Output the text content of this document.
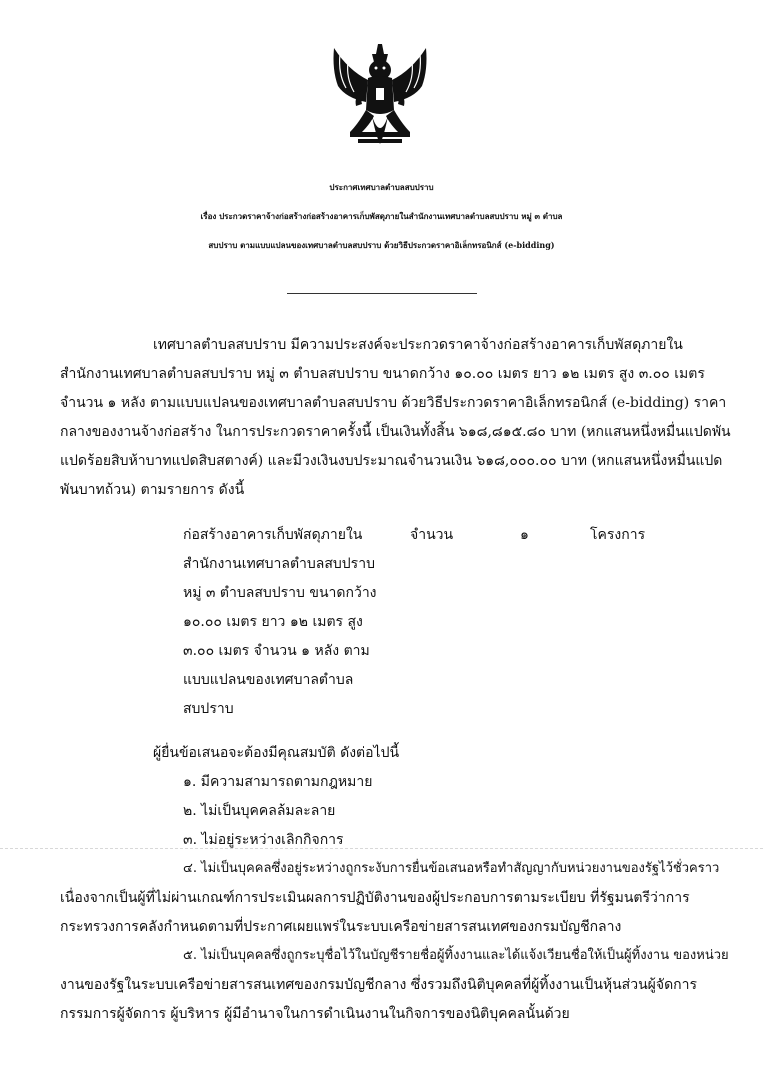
ประกาศเทศบาลตำบลสบปราบ
เรื่อง ประกวดราคาจ้างก่อสร้างก่อสร้างอาคารเก็บพัสดุภายในสำนักงานเทศบาลตำบลสบปราบ หมู่ ๓ ตำบล
สบปราบ ตามแบบแปลนของเทศบาลตำบลสบปราบ ด้วยวิธีประกวดราคาอิเล็กทรอนิกส์ (e-bidding)
เทศบาลตำบลสบปราบ มีความประสงค์จะประกวดราคาจ้างก่อสร้างอาคารเก็บพัสดุภายใน
สำนักงานเทศบาลตำบลสบปราบ หมู่ ๓ ตำบลสบปราบ ขนาดกว้าง ๑๐.๐๐ เมตร ยาว ๑๒ เมตร สูง ๓.๐๐ เมตร
จำนวน ๑ หลัง ตามแบบแปลนของเทศบาลตำบลสบปราบ ด้วยวิธีประกวดราคาอิเล็กทรอนิกส์ (e-bidding) ราคา
กลางของงานจ้างก่อสร้าง ในการประกวดราคาครั้งนี้ เป็นเงินทั้งสิ้น ๖๑๘,๘๑๕.๘๐ บาท (หกแสนหนึ่งหมื่นแปดพัน
แปดร้อยสิบห้าบาทแปดสิบสตางค์) และมีวงเงินงบประมาณจำนวนเงิน ๖๑๘,๐๐๐.๐๐ บาท (หกแสนหนึ่งหมื่นแปด
พันบาทถ้วน) ตามรายการ ดังนี้
ก่อสร้างอาคารเก็บพัสดุภายใน
สำนักงานเทศบาลตำบลสบปราบ
หมู่ ๓ ตำบลสบปราบ ขนาดกว้าง
๑๐.๐๐ เมตร ยาว ๑๒ เมตร สูง
๓.๐๐ เมตร จำนวน ๑ หลัง ตาม
แบบแปลนของเทศบาลตำบล
สบปราบ
จำนวน	๑	โครงการ
ผู้ยื่นข้อเสนอจะต้องมีคุณสมบัติ ดังต่อไปนี้
๑. มีความสามารถตามกฎหมาย
๒. ไม่เป็นบุคคลล้มละลาย
๓. ไม่อยู่ระหว่างเลิกกิจการ
๔. ไม่เป็นบุคคลซึ่งอยู่ระหว่างถูกระงับการยื่นข้อเสนอหรือทำสัญญากับหน่วยงานของรัฐไว้ชั่วคราว
เนื่องจากเป็นผู้ที่ไม่ผ่านเกณฑ์การประเมินผลการปฏิบัติงานของผู้ประกอบการตามระเบียบ ที่รัฐมนตรีว่าการ
กระทรวงการคลังกำหนดตามที่ประกาศเผยแพร่ในระบบเครือข่ายสารสนเทศของกรมบัญชีกลาง
๕. ไม่เป็นบุคคลซึ่งถูกระบุชื่อไว้ในบัญชีรายชื่อผู้ทิ้งงานและได้แจ้งเวียนชื่อให้เป็นผู้ทิ้งงาน ของหน่วย
งานของรัฐในระบบเครือข่ายสารสนเทศของกรมบัญชีกลาง ซึ่งรวมถึงนิติบุคคลที่ผู้ทิ้งงานเป็นหุ้นส่วนผู้จัดการ
กรรมการผู้จัดการ ผู้บริหาร ผู้มีอำนาจในการดำเนินงานในกิจการของนิติบุคคลนั้นด้วย
